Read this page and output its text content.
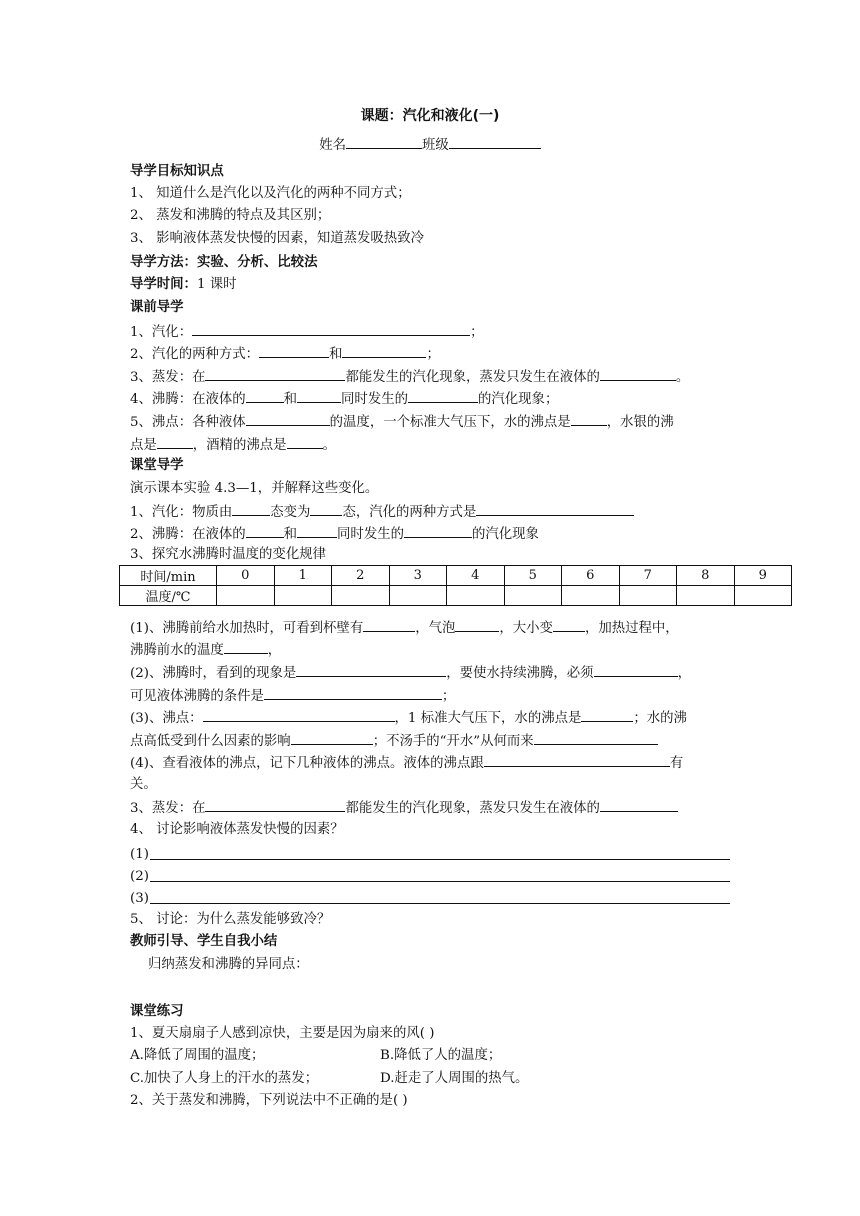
课题：汽化和液化(一)
姓名	班级
导学目标知识点
1、 知道什么是汽化以及汽化的两种不同方式；
2、 蒸发和沸腾的特点及其区别；
3、 影响液体蒸发快慢的因素，知道蒸发吸热致冷
导学方法：实验、分析、比较法
导学时间：1 课时
课前导学
1、汽化：	；
2、汽化的两种方式：	和	；
3、蒸发：在	都能发生的汽化现象，蒸发只发生在液体的	。
4、沸腾：在液体的	和	同时发生的	的汽化现象；
5、沸点：各种液体	的温度，一个标准大气压下，水的沸点是	，水银的沸
点是	，酒精的沸点是	。
课堂导学
演示课本实验 4.3—1，并解释这些变化。
1、汽化：物质由	态变为 态，汽化的两种方式是
2、沸腾：在液体的	和	同时发生的	的汽化现象
3、探究水沸腾时温度的变化规律
时间/min	0	1	2	3	4	5	6	7	8	9
温度/℃										
(1)、沸腾前给水加热时，可看到杯壁有	，气泡	，大小变 ，加热过程中，
沸腾前水的温度	，
(2)、沸腾时，看到的现象是	，要使水持续沸腾，必须	，
可见液体沸腾的条件是	；
(3)、沸点：	，1 标准大气压下，水的沸点是	；水的沸
点高低受到什么因素的影响	；不汤手的“开水”从何而来
(4)、查看液体的沸点，记下几种液体的沸点。液体的沸点跟	有
关。
3、蒸发：在	都能发生的汽化现象，蒸发只发生在液体的
4、 讨论影响液体蒸发快慢的因素？
(1)
(2)
(3)
5、 讨论：为什么蒸发能够致冷？
教师引导、学生自我小结
归纳蒸发和沸腾的异同点：
课堂练习
1、夏天扇扇子人感到凉快，主要是因为扇来的风( )
A.降低了周围的温度；	B.降低了人的温度；
C.加快了人身上的汗水的蒸发；	D.赶走了人周围的热气。
2、关于蒸发和沸腾，下列说法中不正确的是( )
